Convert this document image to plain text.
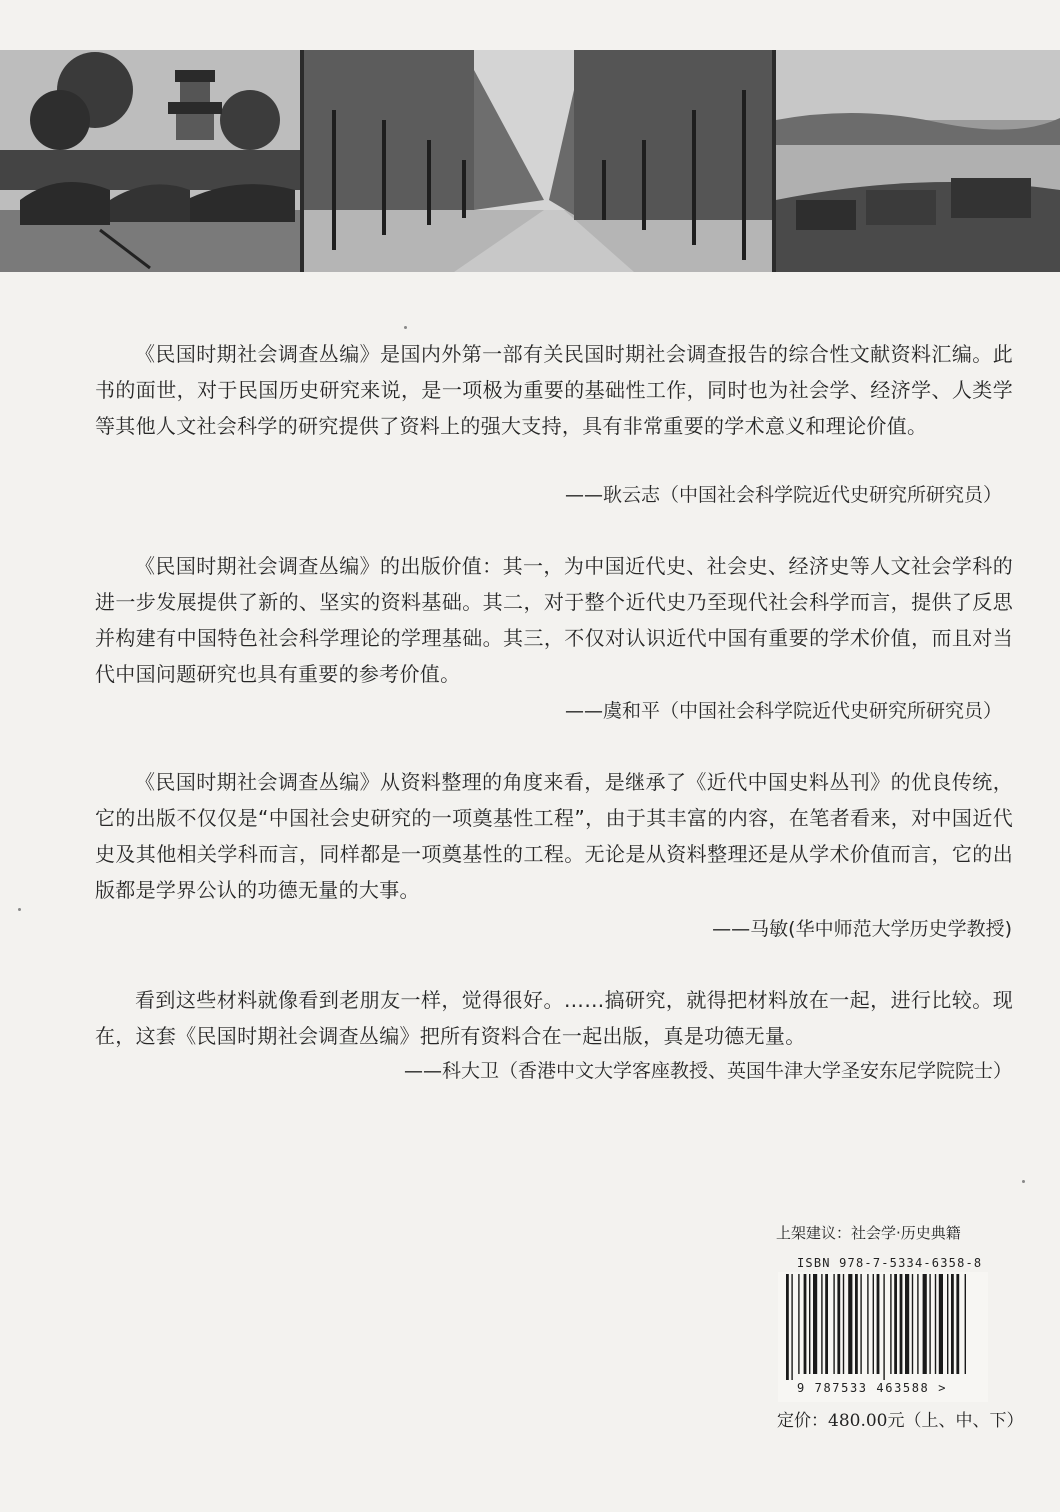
《民国时期社会调查丛编》是国内外第一部有关民国时期社会调查报告的综合性文献资料汇编。此书的面世，对于民国历史研究来说，是一项极为重要的基础性工作，同时也为社会学、经济学、人类学等其他人文社会科学的研究提供了资料上的强大支持，具有非常重要的学术意义和理论价值。

——耿云志（中国社会科学院近代史研究所研究员）

《民国时期社会调查丛编》的出版价值：其一，为中国近代史、社会史、经济史等人文社会学科的进一步发展提供了新的、坚实的资料基础。其二，对于整个近代史乃至现代社会科学而言，提供了反思并构建有中国特色社会科学理论的学理基础。其三，不仅对认识近代中国有重要的学术价值，而且对当代中国问题研究也具有重要的参考价值。

——虞和平（中国社会科学院近代史研究所研究员）

《民国时期社会调查丛编》从资料整理的角度来看，是继承了《近代中国史料丛刊》的优良传统，它的出版不仅仅是“中国社会史研究的一项奠基性工程”，由于其丰富的内容，在笔者看来，对中国近代史及其他相关学科而言，同样都是一项奠基性的工程。无论是从资料整理还是从学术价值而言，它的出版都是学界公认的功德无量的大事。

——马敏(华中师范大学历史学教授)

看到这些材料就像看到老朋友一样，觉得很好。……搞研究，就得把材料放在一起，进行比较。现在，这套《民国时期社会调查丛编》把所有资料合在一起出版，真是功德无量。

——科大卫（香港中文大学客座教授、英国牛津大学圣安东尼学院院士）
上架建议：社会学·历史典籍
ISBN 978-7-5334-6358-8
9 787533 463588 >
定价：480.00元（上、中、下）
